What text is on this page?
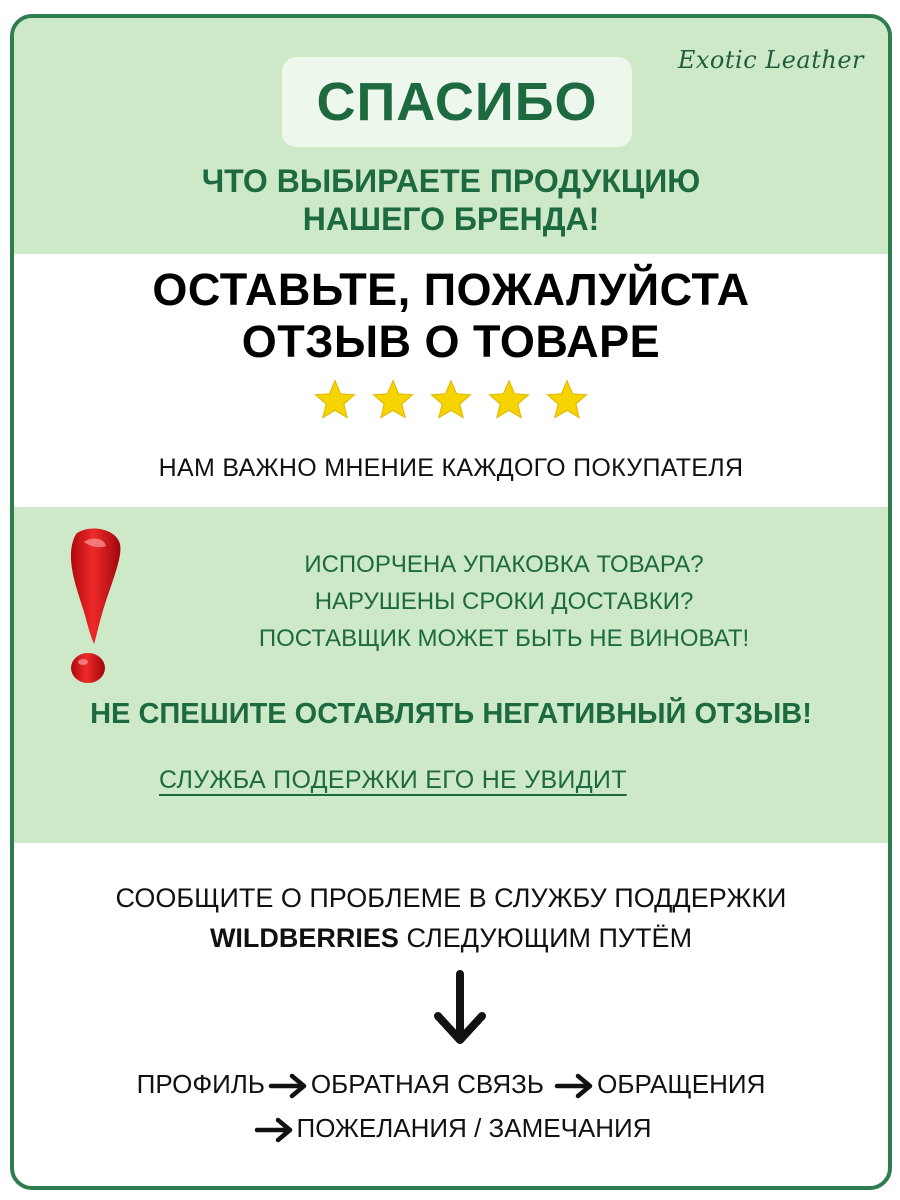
Exotic Leather
СПАСИБО
ЧТО ВЫБИРАЕТЕ ПРОДУКЦИЮ
НАШЕГО БРЕНДА!
ОСТАВЬТЕ, ПОЖАЛУЙСТА
ОТЗЫВ О ТОВАРЕ
НАМ ВАЖНО МНЕНИЕ КАЖДОГО ПОКУПАТЕЛЯ
ИСПОРЧЕНА УПАКОВКА ТОВАРА?
НАРУШЕНЫ СРОКИ ДОСТАВКИ?
ПОСТАВЩИК МОЖЕТ БЫТЬ НЕ ВИНОВАТ!
НЕ СПЕШИТЕ ОСТАВЛЯТЬ НЕГАТИВНЫЙ ОТЗЫВ!
СЛУЖБА ПОДЕРЖКИ ЕГО НЕ УВИДИТ
СООБЩИТЕ О ПРОБЛЕМЕ В СЛУЖБУ ПОДДЕРЖКИ
WILDBERRIES СЛЕДУЮЩИМ ПУТЁМ
ПРОФИЛЬ ОБРАТНАЯ СВЯЗЬ ОБРАЩЕНИЯ
ПОЖЕЛАНИЯ / ЗАМЕЧАНИЯ
